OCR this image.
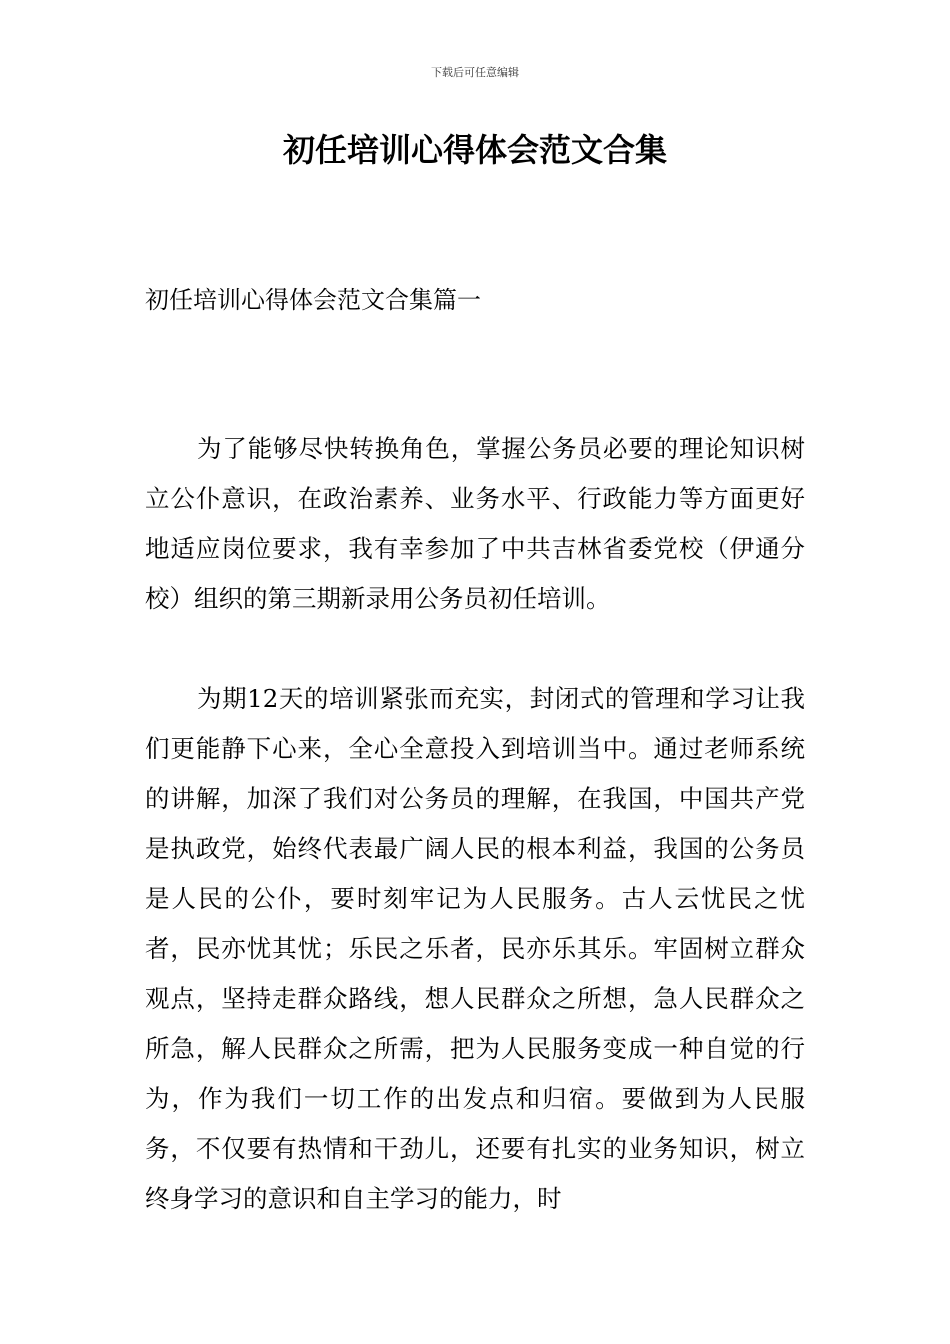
下载后可任意编辑
初任培训心得体会范文合集
初任培训心得体会范文合集篇一

为了能够尽快转换角色，掌握公务员必要的理论知识树立公仆意识，在政治素养、业务水平、行政能力等方面更好地适应岗位要求，我有幸参加了中共吉林省委党校（伊通分校）组织的第三期新录用公务员初任培训。

为期12天的培训紧张而充实，封闭式的管理和学习让我们更能静下心来，全心全意投入到培训当中。通过老师系统的讲解，加深了我们对公务员的理解，在我国，中国共产党是执政党，始终代表最广阔人民的根本利益，我国的公务员是人民的公仆，要时刻牢记为人民服务。古人云忧民之忧者，民亦忧其忧；乐民之乐者，民亦乐其乐。牢固树立群众观点，坚持走群众路线，想人民群众之所想，急人民群众之所急，解人民群众之所需，把为人民服务变成一种自觉的行为，作为我们一切工作的出发点和归宿。要做到为人民服务，不仅要有热情和干劲儿，还要有扎实的业务知识，树立终身学习的意识和自主学习的能力，时
